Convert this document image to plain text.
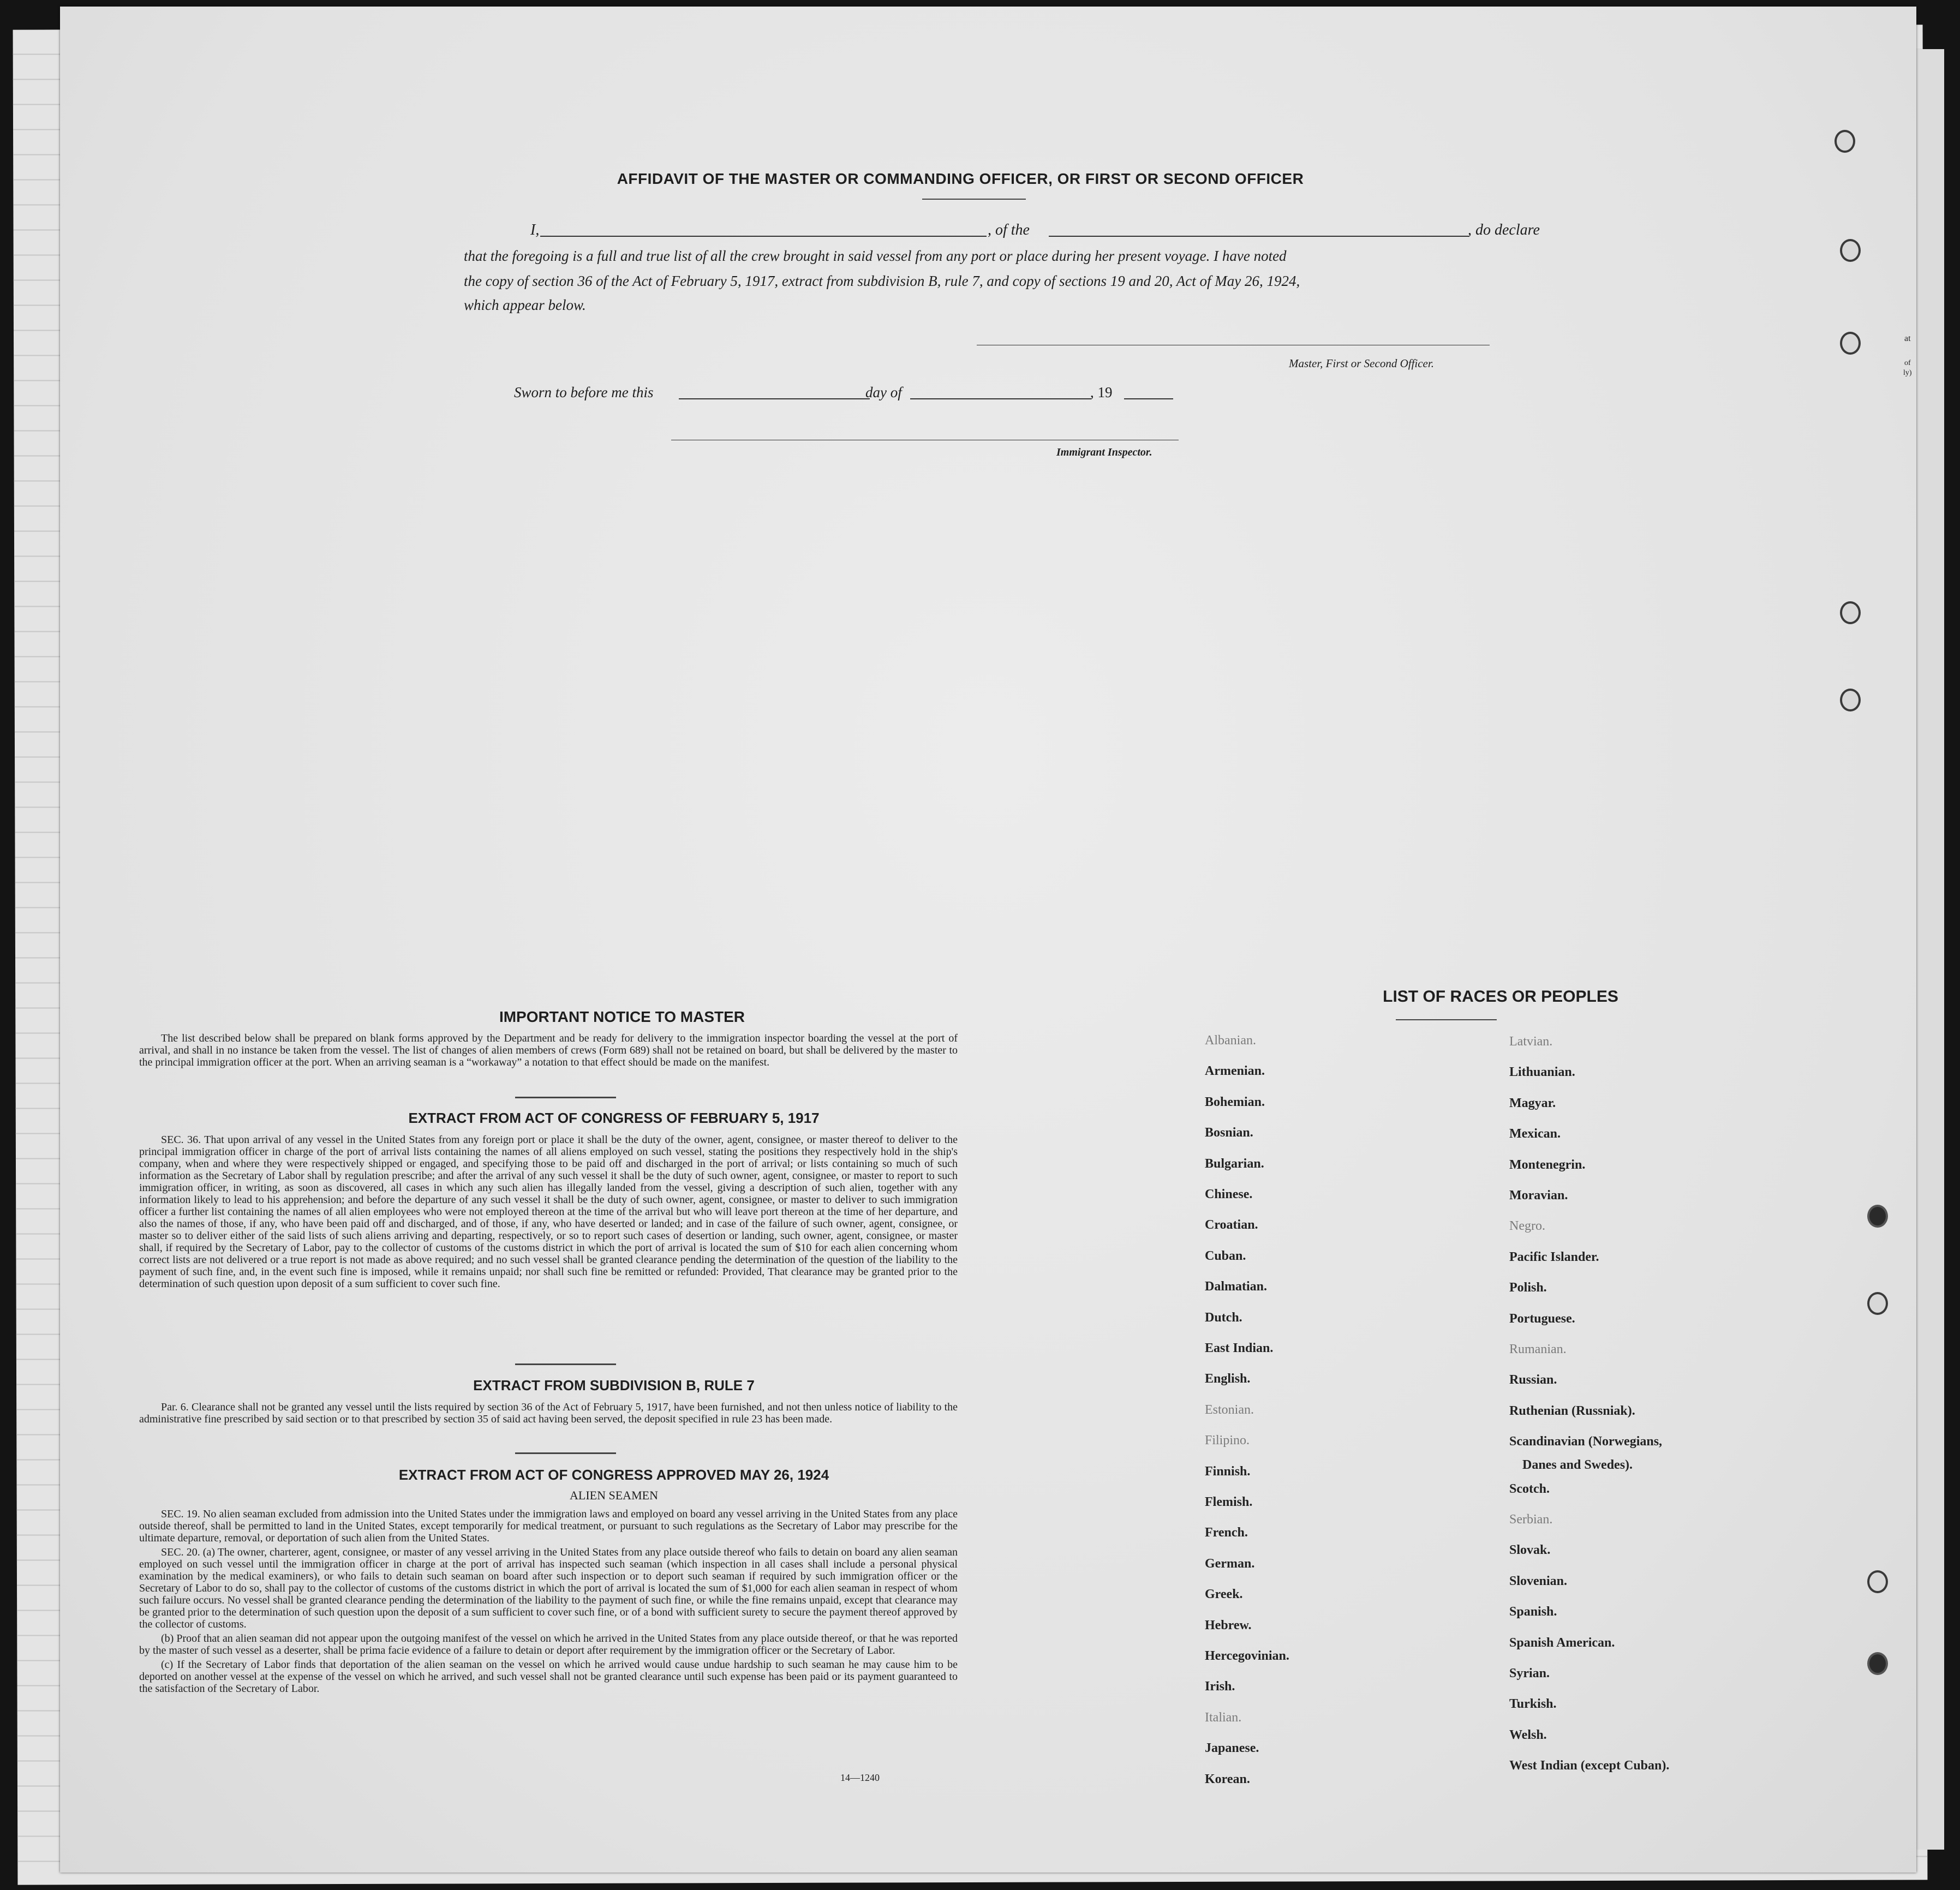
AFFIDAVIT OF THE MASTER OR COMMANDING OFFICER, OR FIRST OR SECOND OFFICER
I,	, of the	, do declare
that the foregoing is a full and true list of all the crew brought in said vessel from any port or place during her present voyage. I have noted
the copy of section 36 of the Act of February 5, 1917, extract from subdivision B, rule 7, and copy of sections 19 and 20, Act of May 26, 1924,
which appear below.
Master, First or Second Officer.
Sworn to before me this	day of	, 19
Immigrant Inspector.
IMPORTANT NOTICE TO MASTER

The list described below shall be prepared on blank forms approved by the Department and be ready for delivery to the immigration inspector boarding the vessel at the port of arrival, and shall in no instance be taken from the vessel. The list of changes of alien members of crews (Form 689) shall not be retained on board, but shall be delivered by the master to the principal immigration officer at the port. When an arriving seaman is a “workaway” a notation to that effect should be made on the manifest.

EXTRACT FROM ACT OF CONGRESS OF FEBRUARY 5, 1917

SEC. 36. That upon arrival of any vessel in the United States from any foreign port or place it shall be the duty of the owner, agent, consignee, or master thereof to deliver to the principal immigration officer in charge of the port of arrival lists containing the names of all aliens employed on such vessel, stating the positions they respectively hold in the ship's company, when and where they were respectively shipped or engaged, and specifying those to be paid off and discharged in the port of arrival; or lists containing so much of such information as the Secretary of Labor shall by regulation prescribe; and after the arrival of any such vessel it shall be the duty of such owner, agent, consignee, or master to report to such immigration officer, in writing, as soon as discovered, all cases in which any such alien has illegally landed from the vessel, giving a description of such alien, together with any information likely to lead to his apprehension; and before the departure of any such vessel it shall be the duty of such owner, agent, consignee, or master to deliver to such immigration officer a further list containing the names of all alien employees who were not employed thereon at the time of the arrival but who will leave port thereon at the time of her departure, and also the names of those, if any, who have been paid off and discharged, and of those, if any, who have deserted or landed; and in case of the failure of such owner, agent, consignee, or master so to deliver either of the said lists of such aliens arriving and departing, respectively, or so to report such cases of desertion or landing, such owner, agent, consignee, or master shall, if required by the Secretary of Labor, pay to the collector of customs of the customs district in which the port of arrival is located the sum of $10 for each alien concerning whom correct lists are not delivered or a true report is not made as above required; and no such vessel shall be granted clearance pending the determination of the question of the liability to the payment of such fine, and, in the event such fine is imposed, while it remains unpaid; nor shall such fine be remitted or refunded: Provided, That clearance may be granted prior to the determination of such question upon deposit of a sum sufficient to cover such fine.

EXTRACT FROM SUBDIVISION B, RULE 7

Par. 6. Clearance shall not be granted any vessel until the lists required by section 36 of the Act of February 5, 1917, have been furnished, and not then unless notice of liability to the administrative fine prescribed by said section or to that prescribed by section 35 of said act having been served, the deposit specified in rule 23 has been made.

EXTRACT FROM ACT OF CONGRESS APPROVED MAY 26, 1924
ALIEN SEAMEN

SEC. 19. No alien seaman excluded from admission into the United States under the immigration laws and employed on board any vessel arriving in the United States from any place outside thereof, shall be permitted to land in the United States, except temporarily for medical treatment, or pursuant to such regulations as the Secretary of Labor may prescribe for the ultimate departure, removal, or deportation of such alien from the United States.

SEC. 20. (a) The owner, charterer, agent, consignee, or master of any vessel arriving in the United States from any place outside thereof who fails to detain on board any alien seaman employed on such vessel until the immigration officer in charge at the port of arrival has inspected such seaman (which inspection in all cases shall include a personal physical examination by the medical examiners), or who fails to detain such seaman on board after such inspection or to deport such seaman if required by such immigration officer or the Secretary of Labor to do so, shall pay to the collector of customs of the customs district in which the port of arrival is located the sum of $1,000 for each alien seaman in respect of whom such failure occurs. No vessel shall be granted clearance pending the determination of the liability to the payment of such fine, or while the fine remains unpaid, except that clearance may be granted prior to the determination of such question upon the deposit of a sum sufficient to cover such fine, or of a bond with sufficient surety to secure the payment thereof approved by the collector of customs.

(b) Proof that an alien seaman did not appear upon the outgoing manifest of the vessel on which he arrived in the United States from any place outside thereof, or that he was reported by the master of such vessel as a deserter, shall be prima facie evidence of a failure to detain or deport after requirement by the immigration officer or the Secretary of Labor.

(c) If the Secretary of Labor finds that deportation of the alien seaman on the vessel on which he arrived would cause undue hardship to such seaman he may cause him to be deported on another vessel at the expense of the vessel on which he arrived, and such vessel shall not be granted clearance until such expense has been paid or its payment guaranteed to the satisfaction of the Secretary of Labor.

14—1240
LIST OF RACES OR PEOPLES
Danes and Swedes).
at
of
ly)
Albanian.
Armenian.
Bohemian.
Bosnian.
Bulgarian.
Chinese.
Croatian.
Cuban.
Dalmatian.
Dutch.
East Indian.
English.
Estonian.
Filipino.
Finnish.
Flemish.
French.
German.
Greek.
Hebrew.
Hercegovinian.
Irish.
Italian.
Japanese.
Korean.
Latvian.
Lithuanian.
Magyar.
Mexican.
Montenegrin.
Moravian.
Negro.
Pacific Islander.
Polish.
Portuguese.
Rumanian.
Russian.
Ruthenian (Russniak).
Scandinavian (Norwegians,
Scotch.
Serbian.
Slovak.
Slovenian.
Spanish.
Spanish American.
Syrian.
Turkish.
Welsh.
West Indian (except Cuban).
